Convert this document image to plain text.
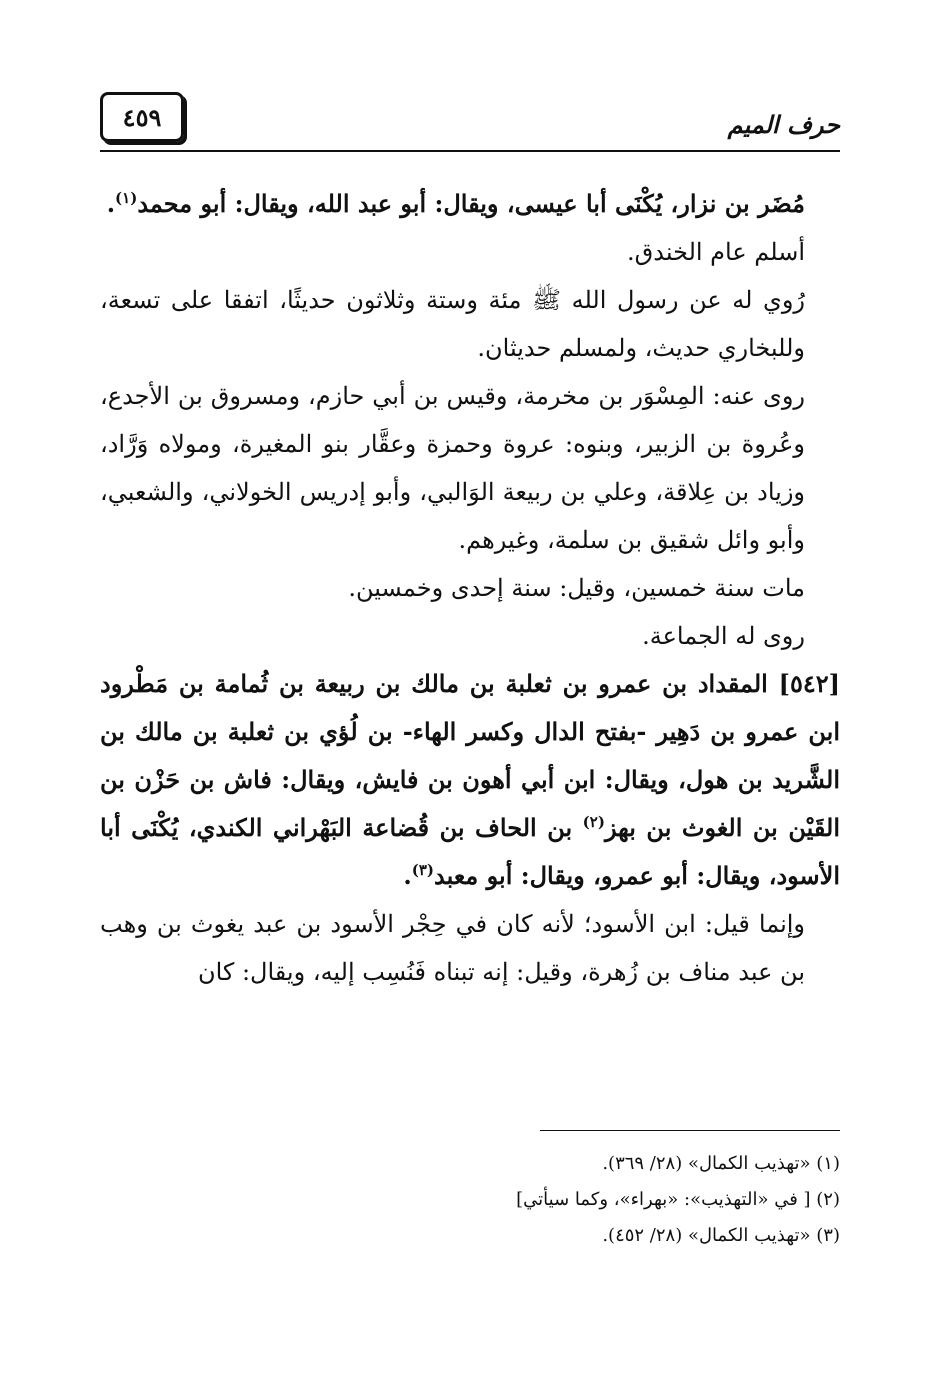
٤٥٩	حرف الميم

مُضَر بن نزار، يُكْنَى أبا عيسى، ويقال: أبو عبد الله، ويقال: أبو محمد$^{(١)}$.

أسلم عام الخندق.

رُوي له عن رسول الله ﷺ مئة وستة وثلاثون حديثًا، اتفقا على تسعة، وللبخاري حديث، ولمسلم حديثان.

روى عنه: المِسْوَر بن مخرمة، وقيس بن أبي حازم، ومسروق بن الأجدع، وعُروة بن الزبير، وبنوه: عروة وحمزة وعقَّار بنو المغيرة، ومولاه وَرَّاد، وزياد بن عِلاقة، وعلي بن ربيعة الوَالبي، وأبو إدريس الخولاني، والشعبي، وأبو وائل شقيق بن سلمة، وغيرهم.

مات سنة خمسين، وقيل: سنة إحدى وخمسين.

روى له الجماعة.

[٥٤٢] المقداد بن عمرو بن ثعلبة بن مالك بن ربيعة بن ثُمامة بن مَطْرود ابن عمرو بن دَهِير -بفتح الدال وكسر الهاء- بن لُؤي بن ثعلبة بن مالك بن الشَّريد بن هول، ويقال: ابن أبي أهون بن فايش، ويقال: فاش بن حَزْن بن القَيْن بن الغوث بن بهز$^{(٢)}$ بن الحاف بن قُضاعة البَهْراني الكندي، يُكْنَى أبا الأسود، ويقال: أبو عمرو، ويقال: أبو معبد$^{(٣)}$.

وإنما قيل: ابن الأسود؛ لأنه كان في حِجْر الأسود بن عبد يغوث بن وهب بن عبد مناف بن زُهرة، وقيل: إنه تبناه فَنُسِب إليه، ويقال: كان

(١) «تهذيب الكمال» (٢٨/ ٣٦٩).

(٢) [ في «التهذيب»: «بهراء»، وكما سيأتي]

(٣) «تهذيب الكمال» (٢٨/ ٤٥٢).
